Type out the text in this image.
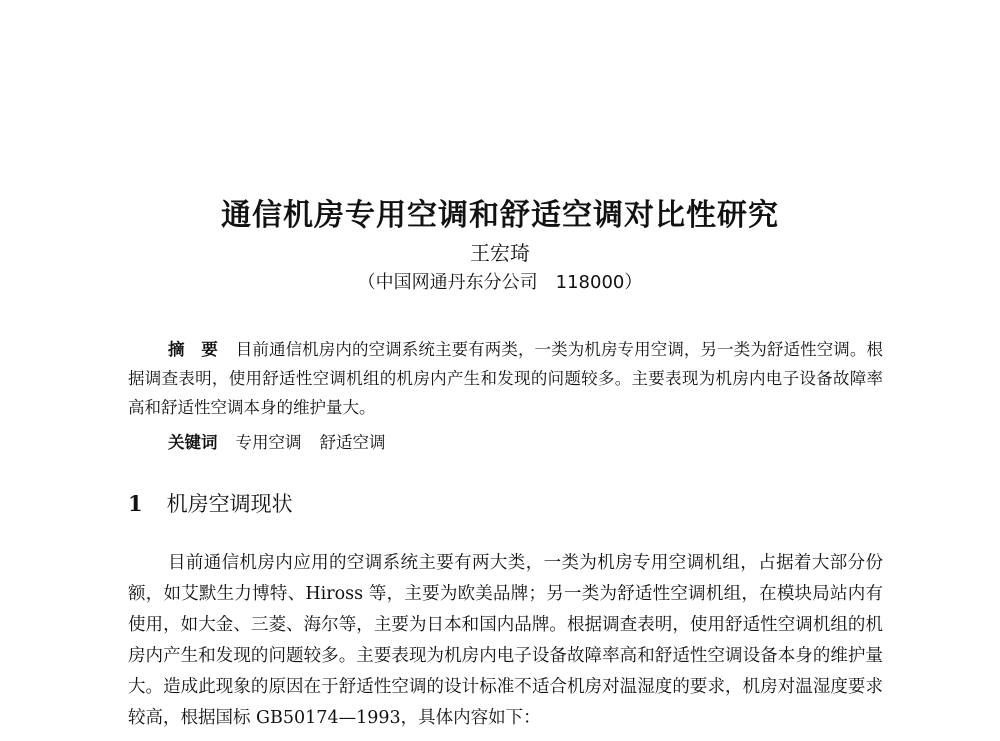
通信机房专用空调和舒适空调对比性研究
王宏琦
（中国网通丹东分公司　118000）
摘　要 目前通信机房内的空调系统主要有两类，一类为机房专用空调，另一类为舒适性空调。根据调查表明，使用舒适性空调机组的机房内产生和发现的问题较多。主要表现为机房内电子设备故障率高和舒适性空调本身的维护量大。
关键词 专用空调 舒适空调
1 机房空调现状
目前通信机房内应用的空调系统主要有两大类，一类为机房专用空调机组，占据着大部分份额，如艾默生力博特、Hiross 等，主要为欧美品牌；另一类为舒适性空调机组，在模块局站内有使用，如大金、三菱、海尔等，主要为日本和国内品牌。根据调查表明，使用舒适性空调机组的机房内产生和发现的问题较多。主要表现为机房内电子设备故障率高和舒适性空调设备本身的维护量大。造成此现象的原因在于舒适性空调的设计标准不适合机房对温湿度的要求，机房对温湿度要求较高，根据国标 GB50174—1993，具体内容如下：
